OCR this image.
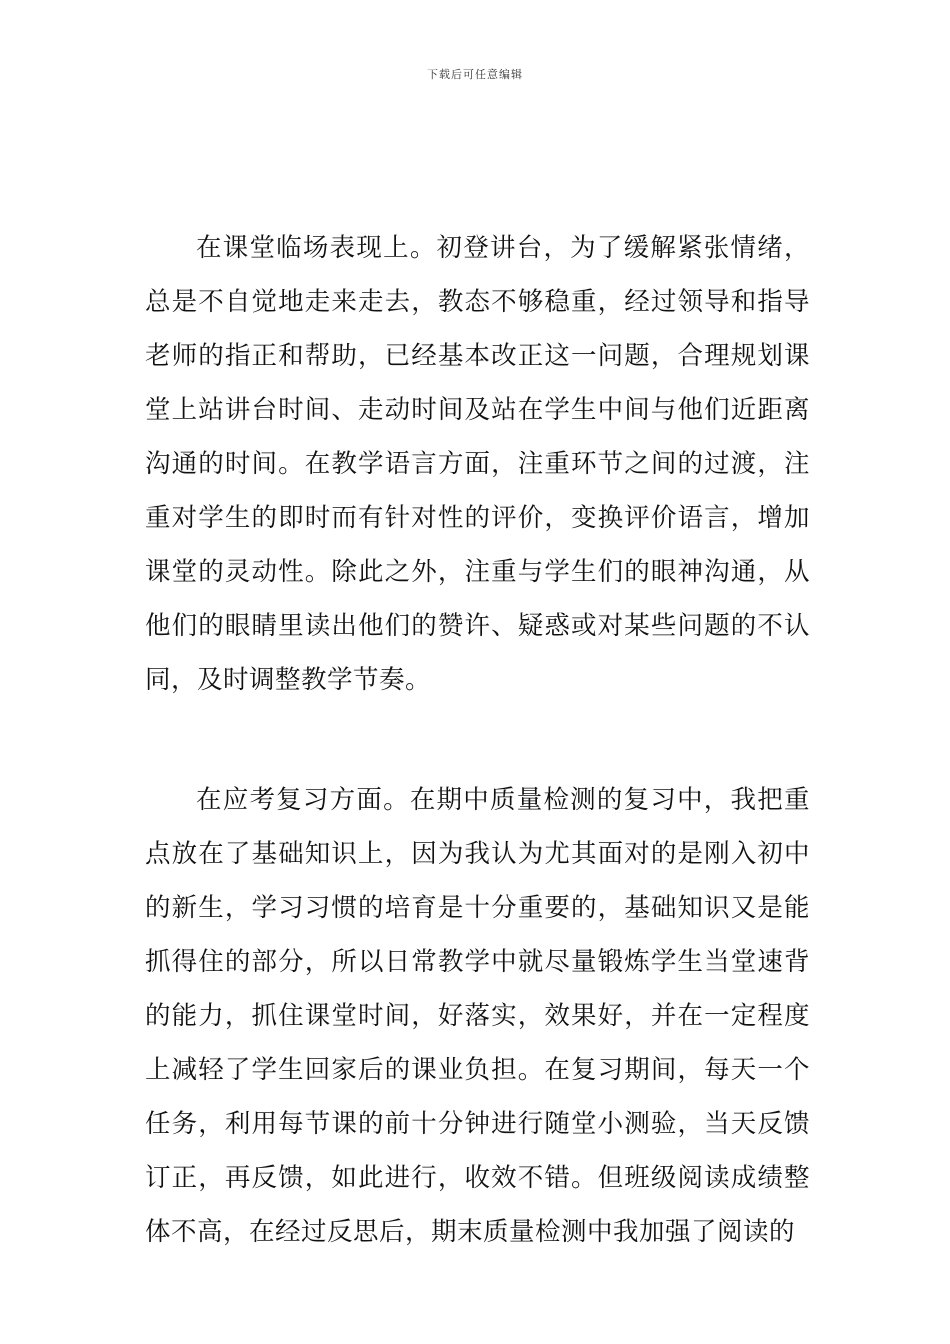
下载后可任意编辑

在课堂临场表现上。初登讲台，为了缓解紧张情绪，总是不自觉地走来走去，教态不够稳重，经过领导和指导老师的指正和帮助，已经基本改正这一问题，合理规划课堂上站讲台时间、走动时间及站在学生中间与他们近距离沟通的时间。在教学语言方面，注重环节之间的过渡，注重对学生的即时而有针对性的评价，变换评价语言，增加课堂的灵动性。除此之外，注重与学生们的眼神沟通，从他们的眼睛里读出他们的赞许、疑惑或对某些问题的不认同，及时调整教学节奏。

在应考复习方面。在期中质量检测的复习中，我把重点放在了基础知识上，因为我认为尤其面对的是刚入初中的新生，学习习惯的培育是十分重要的，基础知识又是能抓得住的部分，所以日常教学中就尽量锻炼学生当堂速背的能力，抓住课堂时间，好落实，效果好，并在一定程度上减轻了学生回家后的课业负担。在复习期间，每天一个任务，利用每节课的前十分钟进行随堂小测验，当天反馈订正，再反馈，如此进行，收效不错。但班级阅读成绩整体不高，在经过反思后，期末质量检测中我加强了阅读的
